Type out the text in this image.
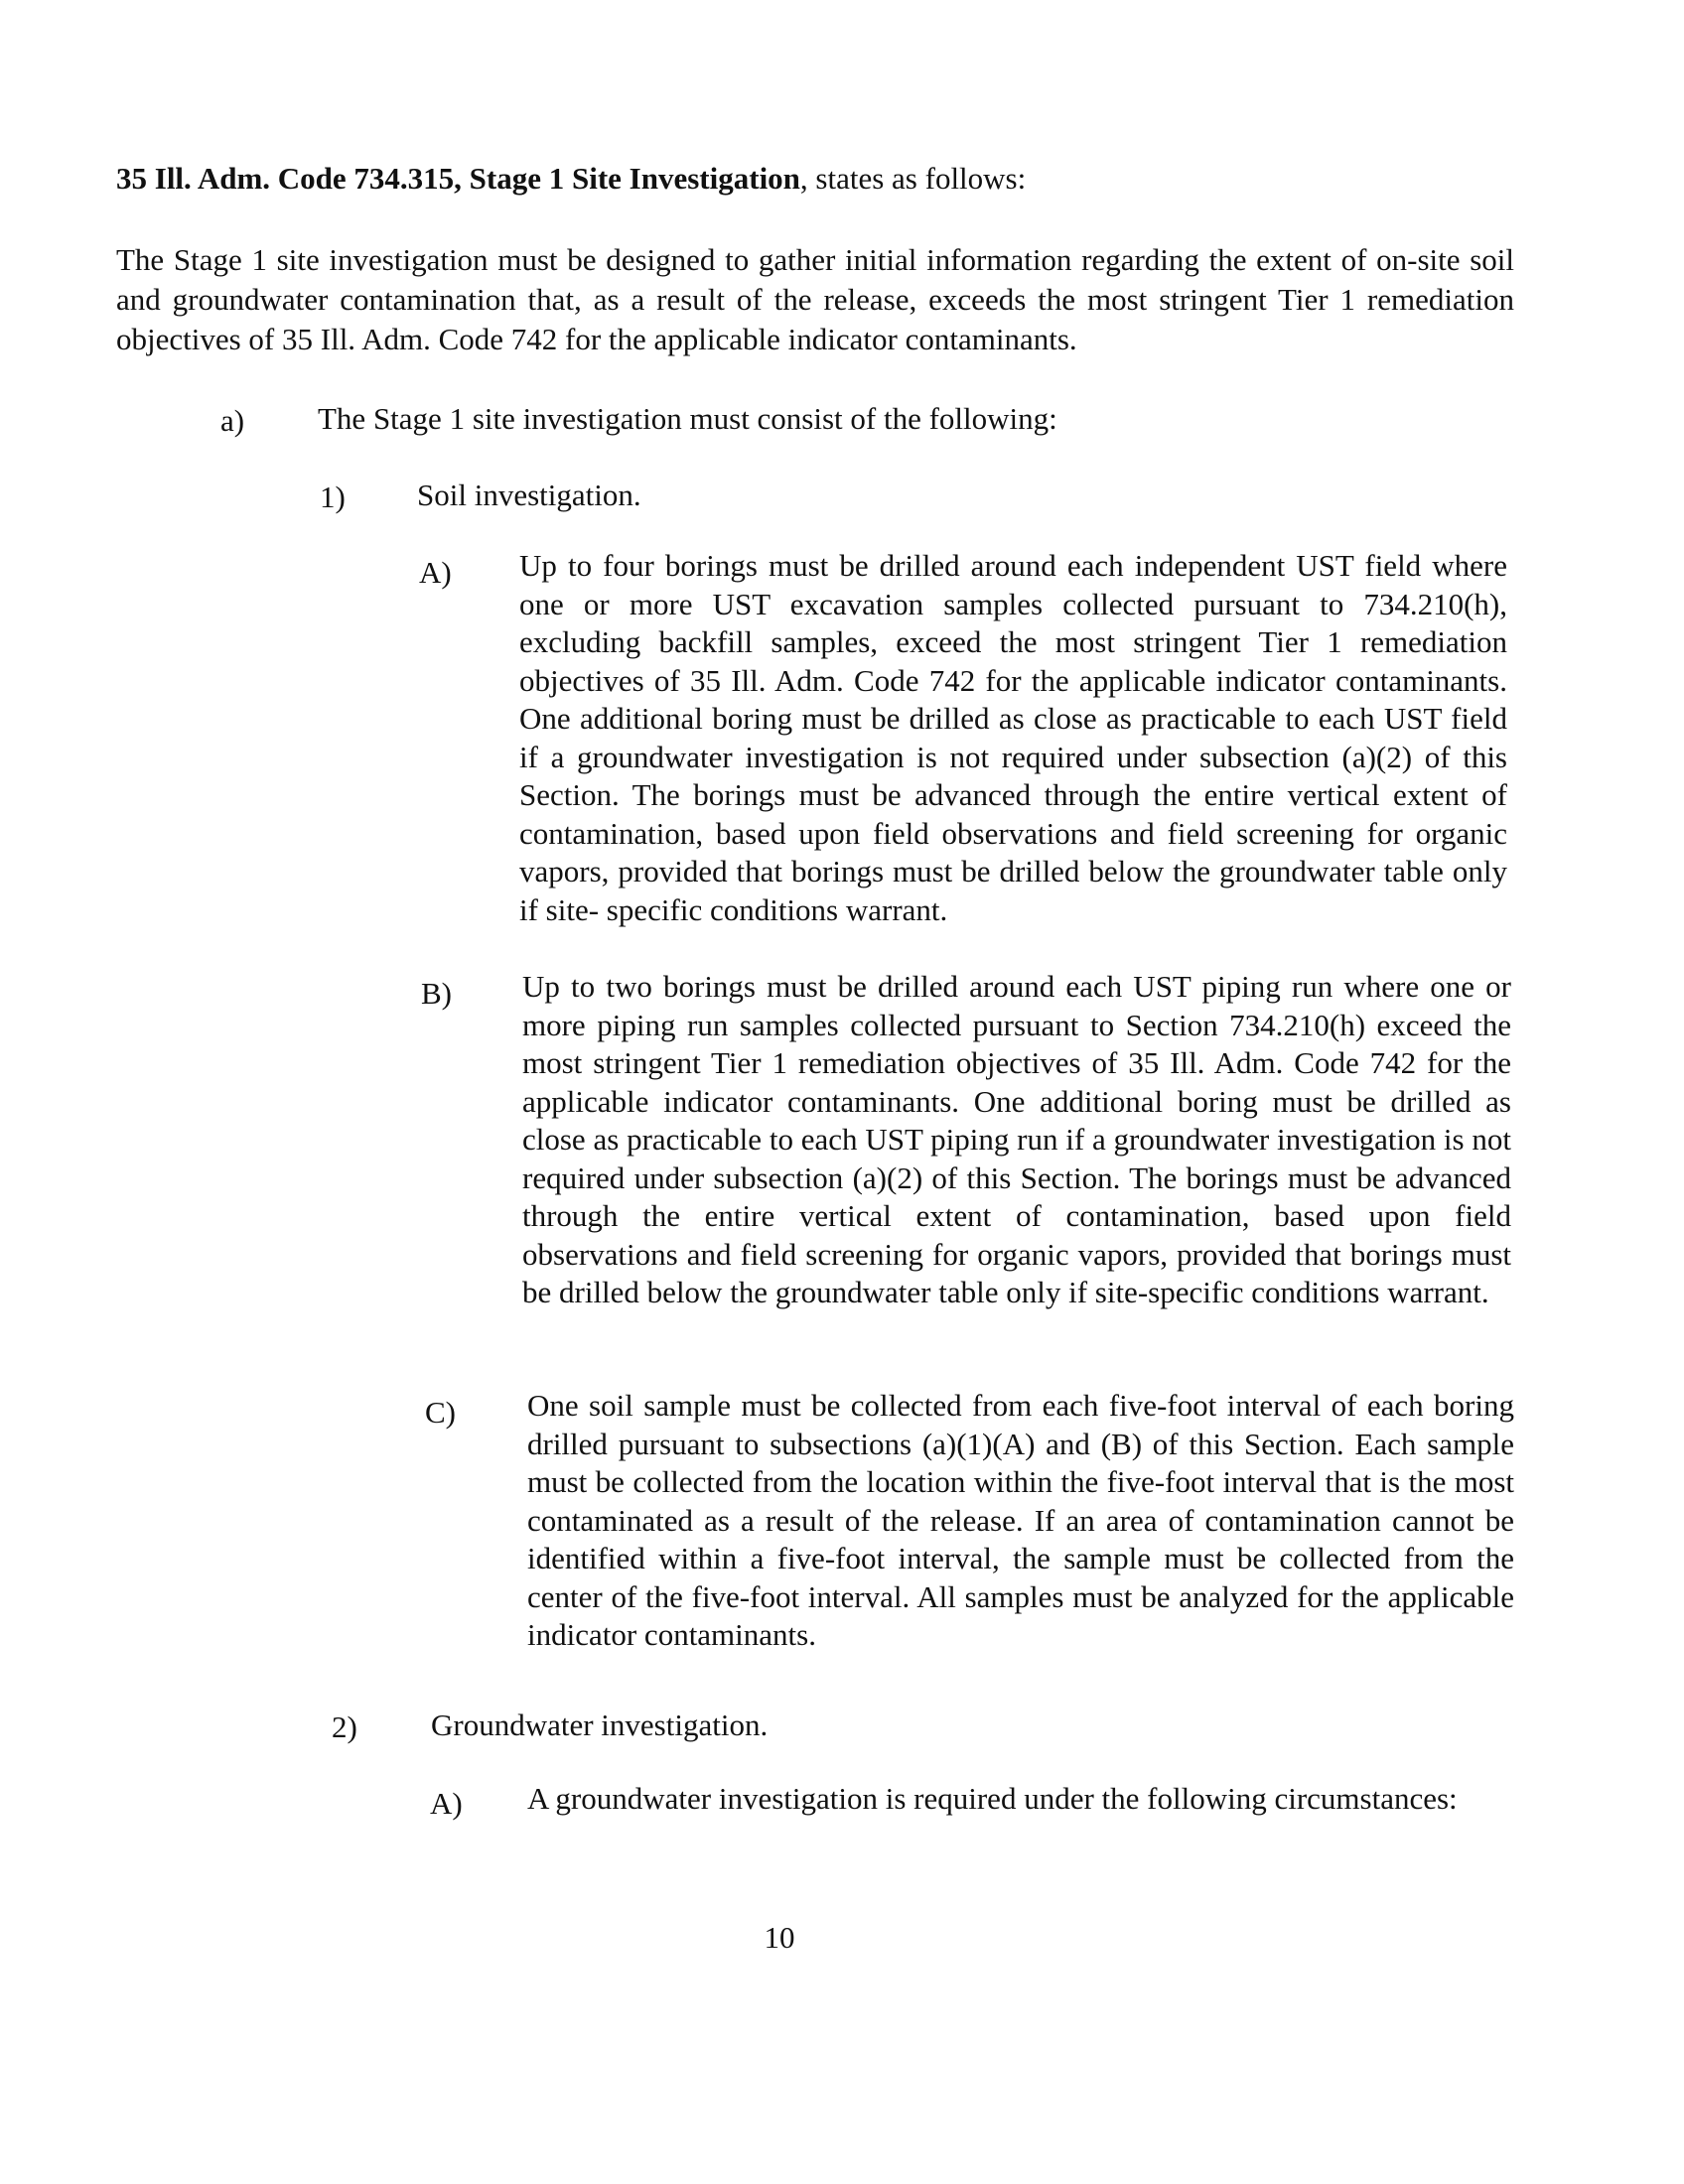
35 Ill. Adm. Code 734.315, Stage 1 Site Investigation, states as follows:
The Stage 1 site investigation must be designed to gather initial information regarding the extent of on-site soil and groundwater contamination that, as a result of the release, exceeds the most stringent Tier 1 remediation objectives of 35 Ill. Adm. Code 742 for the applicable indicator contaminants.
a) The Stage 1 site investigation must consist of the following:
1) Soil investigation.
A) Up to four borings must be drilled around each independent UST field where one or more UST excavation samples collected pursuant to 734.210(h), excluding backfill samples, exceed the most stringent Tier 1 remediation objectives of 35 Ill. Adm. Code 742 for the applicable indicator contaminants. One additional boring must be drilled as close as practicable to each UST field if a groundwater investigation is not required under subsection (a)(2) of this Section. The borings must be advanced through the entire vertical extent of contamination, based upon field observations and field screening for organic vapors, provided that borings must be drilled below the groundwater table only if site- specific conditions warrant.
B) Up to two borings must be drilled around each UST piping run where one or more piping run samples collected pursuant to Section 734.210(h) exceed the most stringent Tier 1 remediation objectives of 35 Ill. Adm. Code 742 for the applicable indicator contaminants. One additional boring must be drilled as close as practicable to each UST piping run if a groundwater investigation is not required under subsection (a)(2) of this Section. The borings must be advanced through the entire vertical extent of contamination, based upon field observations and field screening for organic vapors, provided that borings must be drilled below the groundwater table only if site-specific conditions warrant.
C) One soil sample must be collected from each five-foot interval of each boring drilled pursuant to subsections (a)(1)(A) and (B) of this Section. Each sample must be collected from the location within the five-foot interval that is the most contaminated as a result of the release. If an area of contamination cannot be identified within a five-foot interval, the sample must be collected from the center of the five-foot interval. All samples must be analyzed for the applicable indicator contaminants.
2) Groundwater investigation.
A) A groundwater investigation is required under the following circumstances:
10
